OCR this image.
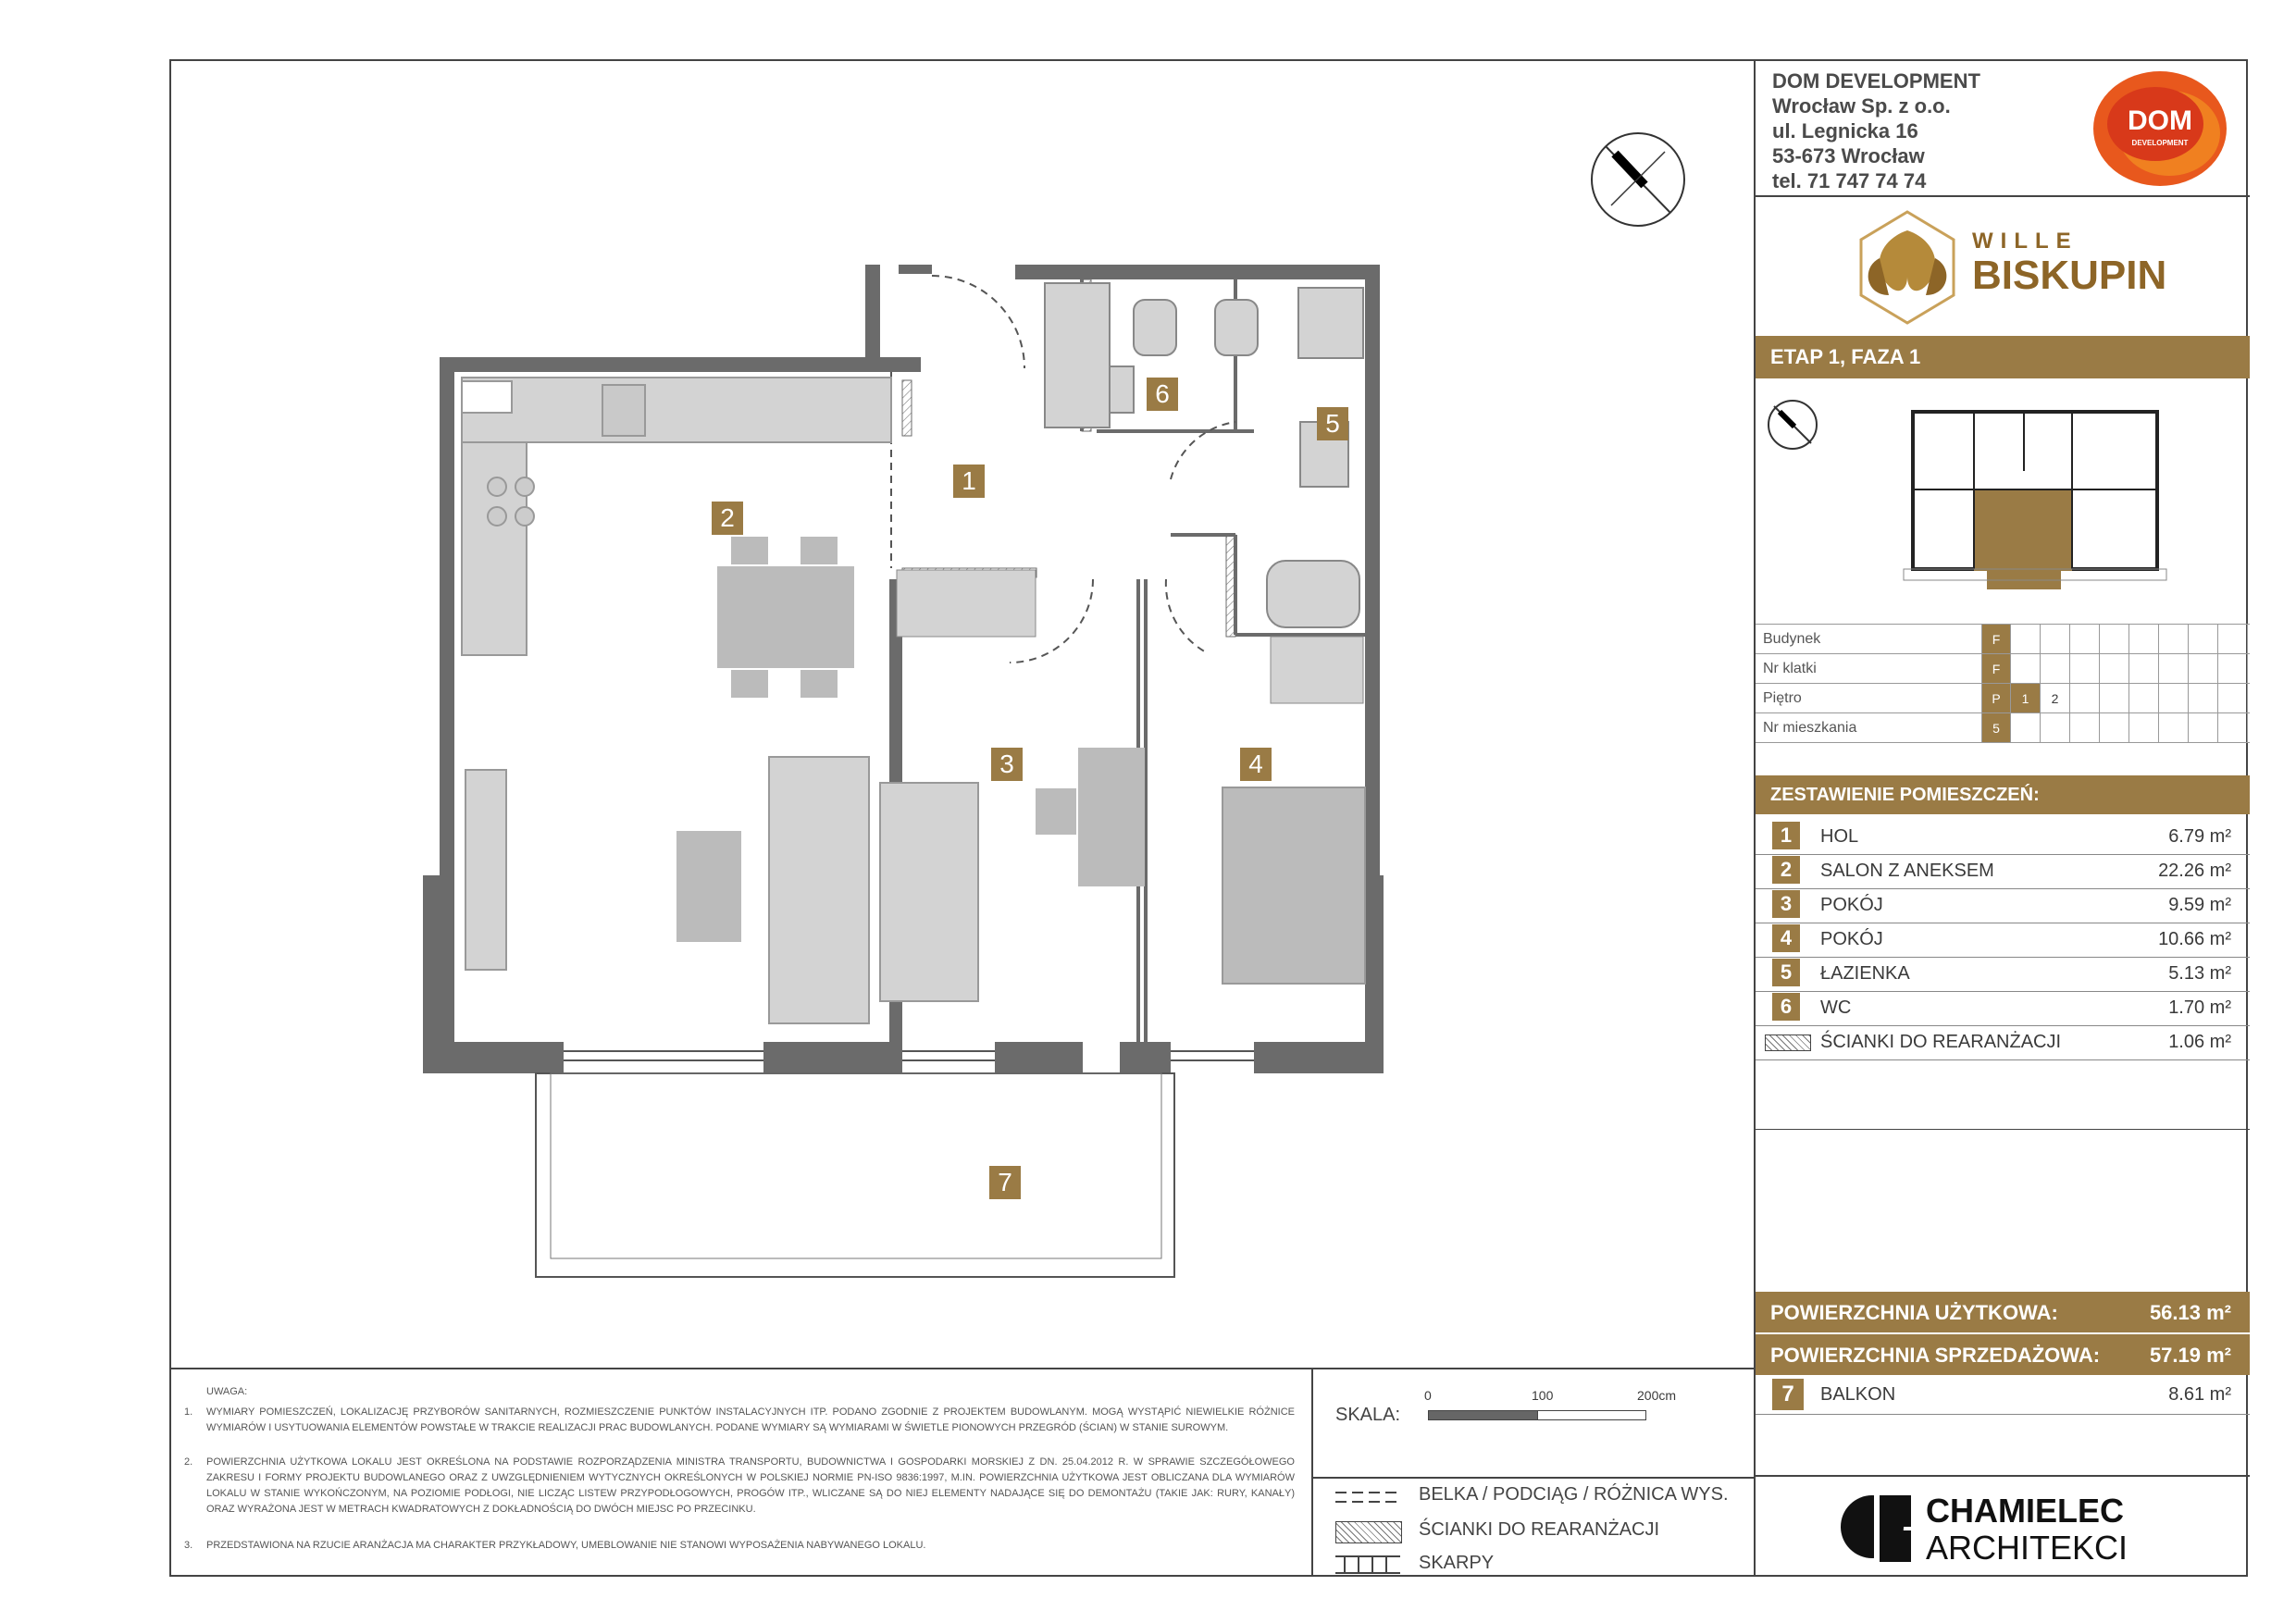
1
2
3	4
5
6
7
UWAGA:
1. WYMIARY POMIESZCZEŃ, LOKALIZACJĘ PRZYBORÓW SANITARNYCH, ROZMIESZCZENIE PUNKTÓW INSTALACYJNYCH ITP. PODANO ZGODNIE Z PROJEKTEM BUDOWLANYM. MOGĄ WYSTĄPIĆ NIEWIELKIE RÓŻNICE WYMIARÓW I USYTUOWANIA ELEMENTÓW POWSTAŁE W TRAKCIE REALIZACJI PRAC BUDOWLANYCH. PODANE WYMIARY SĄ WYMIARAMI W ŚWIETLE PIONOWYCH PRZEGRÓD (ŚCIAN) W STANIE SUROWYM.
2. POWIERZCHNIA UŻYTKOWA LOKALU JEST OKREŚLONA NA PODSTAWIE ROZPORZĄDZENIA MINISTRA TRANSPORTU, BUDOWNICTWA I GOSPODARKI MORSKIEJ Z DN. 25.04.2012 R. W SPRAWIE SZCZEGÓŁOWEGO ZAKRESU I FORMY PROJEKTU BUDOWLANEGO ORAZ Z UWZGLĘDNIENIEM WYTYCZNYCH OKREŚLONYCH W POLSKIEJ NORMIE PN-ISO 9836:1997, M.IN. POWIERZCHNIA UŻYTKOWA JEST OBLICZANA DLA WYMIARÓW LOKALU W STANIE WYKOŃCZONYM, NA POZIOMIE PODŁOGI, NIE LICZĄC LISTEW PRZYPODŁOGOWYCH, PROGÓW ITP., WLICZANE SĄ DO NIEJ ELEMENTY NADAJĄCE SIĘ DO DEMONTAŻU (TAKIE JAK: RURY, KANAŁY) ORAZ WYRAŻONA JEST W METRACH KWADRATOWYCH Z DOKŁADNOŚCIĄ DO DWÓCH MIEJSC PO PRZECINKU.
3. PRZEDSTAWIONA NA RZUCIE ARANŻACJA MA CHARAKTER PRZYKŁADOWY, UMEBLOWANIE NIE STANOWI WYPOSAŻENIA NABYWANEGO LOKALU.
SKALA:
0	100	200cm
BELKA / PODCIĄG / RÓŻNICA WYS.
ŚCIANKI DO REARANŻACJI
SKARPY
DOM DEVELOPMENT
Wrocław Sp. z o.o.
ul. Legnicka 16
53-673 Wrocław
tel. 71 747 74 74
DOM
DEVELOPMENT
WILLE
BISKUPIN
ETAP 1, FAZA 1
Budynek	F
Nr klatki	F
Piętro	P	1	2
Nr mieszkania	5
ZESTAWIENIE POMIESZCZEŃ:
1	HOL	6.79 m²
2	SALON Z ANEKSEM	22.26 m²
3	POKÓJ	9.59 m²
4	POKÓJ	10.66 m²
5	ŁAZIENKA	5.13 m²
6	WC	1.70 m²
ŚCIANKI DO REARANŻACJI	1.06 m²
POWIERZCHNIA UŻYTKOWA:	56.13 m²
POWIERZCHNIA SPRZEDAŻOWA: 57.19 m²
7	BALKON	8.61 m²
CHAMIELEC
ARCHITEKCI
